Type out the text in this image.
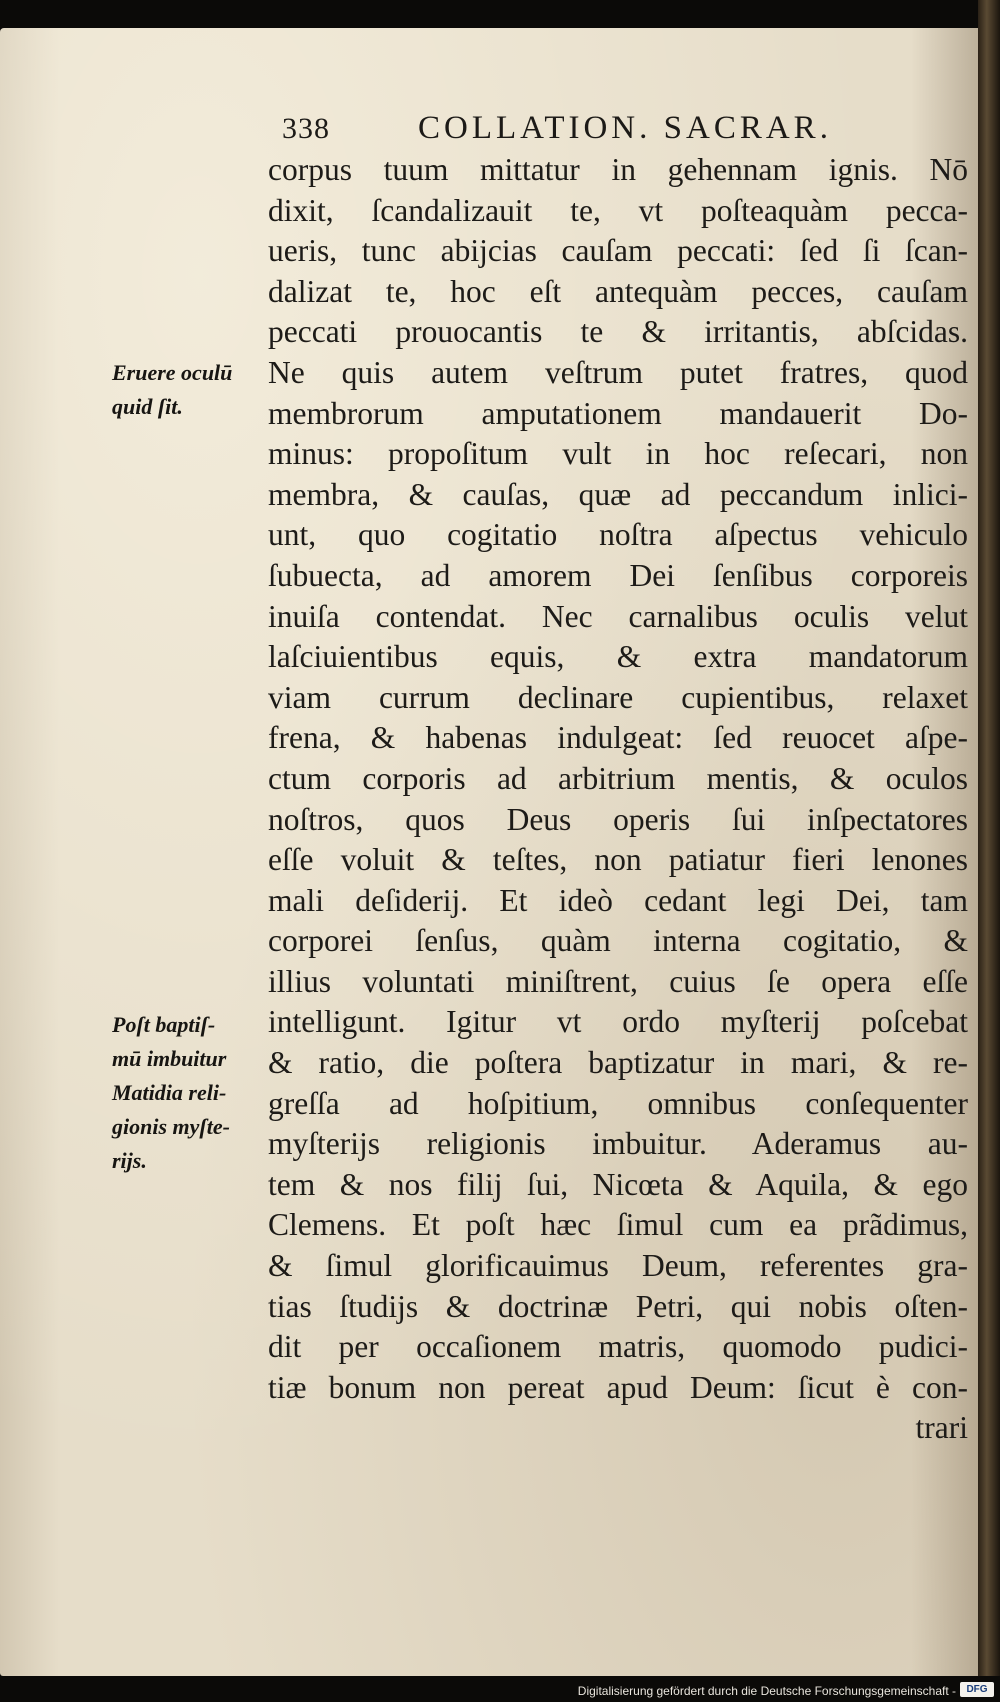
338	COLLATION. SACRAR.
corpus tuum mittatur in gehennam ignis. Nō
dixit, ſcandalizauit te, vt poſteaquàm pecca-
ueris, tunc abijcias cauſam peccati: ſed ſi ſcan-
dalizat te, hoc eſt antequàm pecces, cauſam
peccati prouocantis te & irritantis, abſcidas.
Ne quis autem veſtrum putet fratres, quod
membrorum amputationem mandauerit Do-
minus: propoſitum vult in hoc reſecari, non
membra, & cauſas, quæ ad peccandum inlici-
unt, quo cogitatio noſtra aſpectus vehiculo
ſubuecta, ad amorem Dei ſenſibus corporeis
inuiſa contendat. Nec carnalibus oculis velut
laſciuientibus equis, & extra mandatorum
viam currum declinare cupientibus, relaxet
frena, & habenas indulgeat: ſed reuocet aſpe-
ctum corporis ad arbitrium mentis, & oculos
noſtros, quos Deus operis ſui inſpectatores
eſſe voluit & teſtes, non patiatur fieri lenones
mali deſiderij. Et ideò cedant legi Dei, tam
corporei ſenſus, quàm interna cogitatio, &
illius voluntati miniſtrent, cuius ſe opera eſſe
intelligunt. Igitur vt ordo myſterij poſcebat
& ratio, die poſtera baptizatur in mari, & re-
greſſa ad hoſpitium, omnibus conſequenter
myſterijs religionis imbuitur. Aderamus au-
tem & nos filij ſui, Nicœta & Aquila, & ego
Clemens. Et poſt hæc ſimul cum ea prãdimus,
& ſimul glorificauimus Deum, referentes gra-
tias ſtudijs & doctrinæ Petri, qui nobis oſten-
dit per occaſionem matris, quomodo pudici-
tiæ bonum non pereat apud Deum: ſicut è con-
trari
Eruere oculū
quid ſit.
Poſt baptiſ-
mū imbuitur
Matidia reli-
gionis myſte-
rijs.
Digitalisierung gefördert durch die Deutsche Forschungsgemeinschaft -	DFG
